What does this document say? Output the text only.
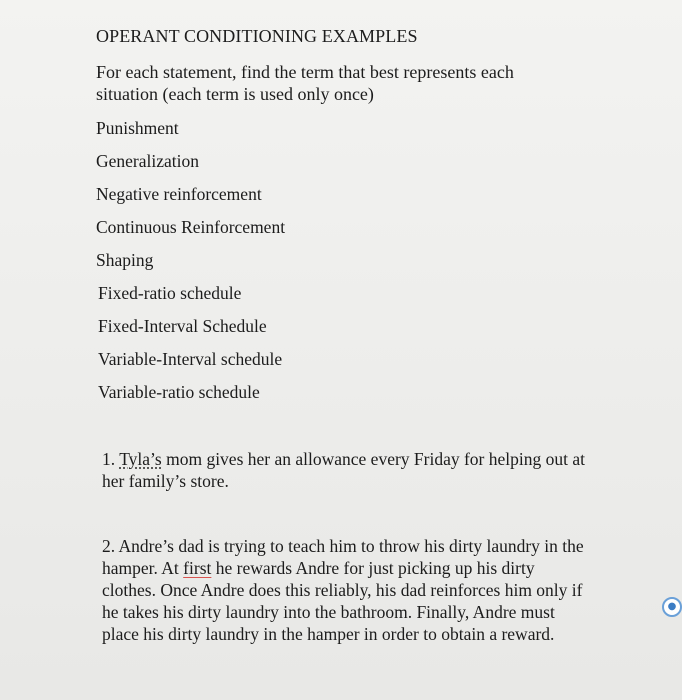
OPERANT CONDITIONING EXAMPLES
For each statement, find the term that best represents each situation (each term is used only once)
Punishment
Generalization
Negative reinforcement
Continuous Reinforcement
Shaping
Fixed-ratio schedule
Fixed-Interval Schedule
Variable-Interval schedule
Variable-ratio schedule
1. Tyla’s mom gives her an allowance every Friday for helping out at her family’s store.
2. Andre’s dad is trying to teach him to throw his dirty laundry in the hamper. At first he rewards Andre for just picking up his dirty clothes. Once Andre does this reliably, his dad reinforces him only if he takes his dirty laundry into the bathroom. Finally, Andre must place his dirty laundry in the hamper in order to obtain a reward.
●
